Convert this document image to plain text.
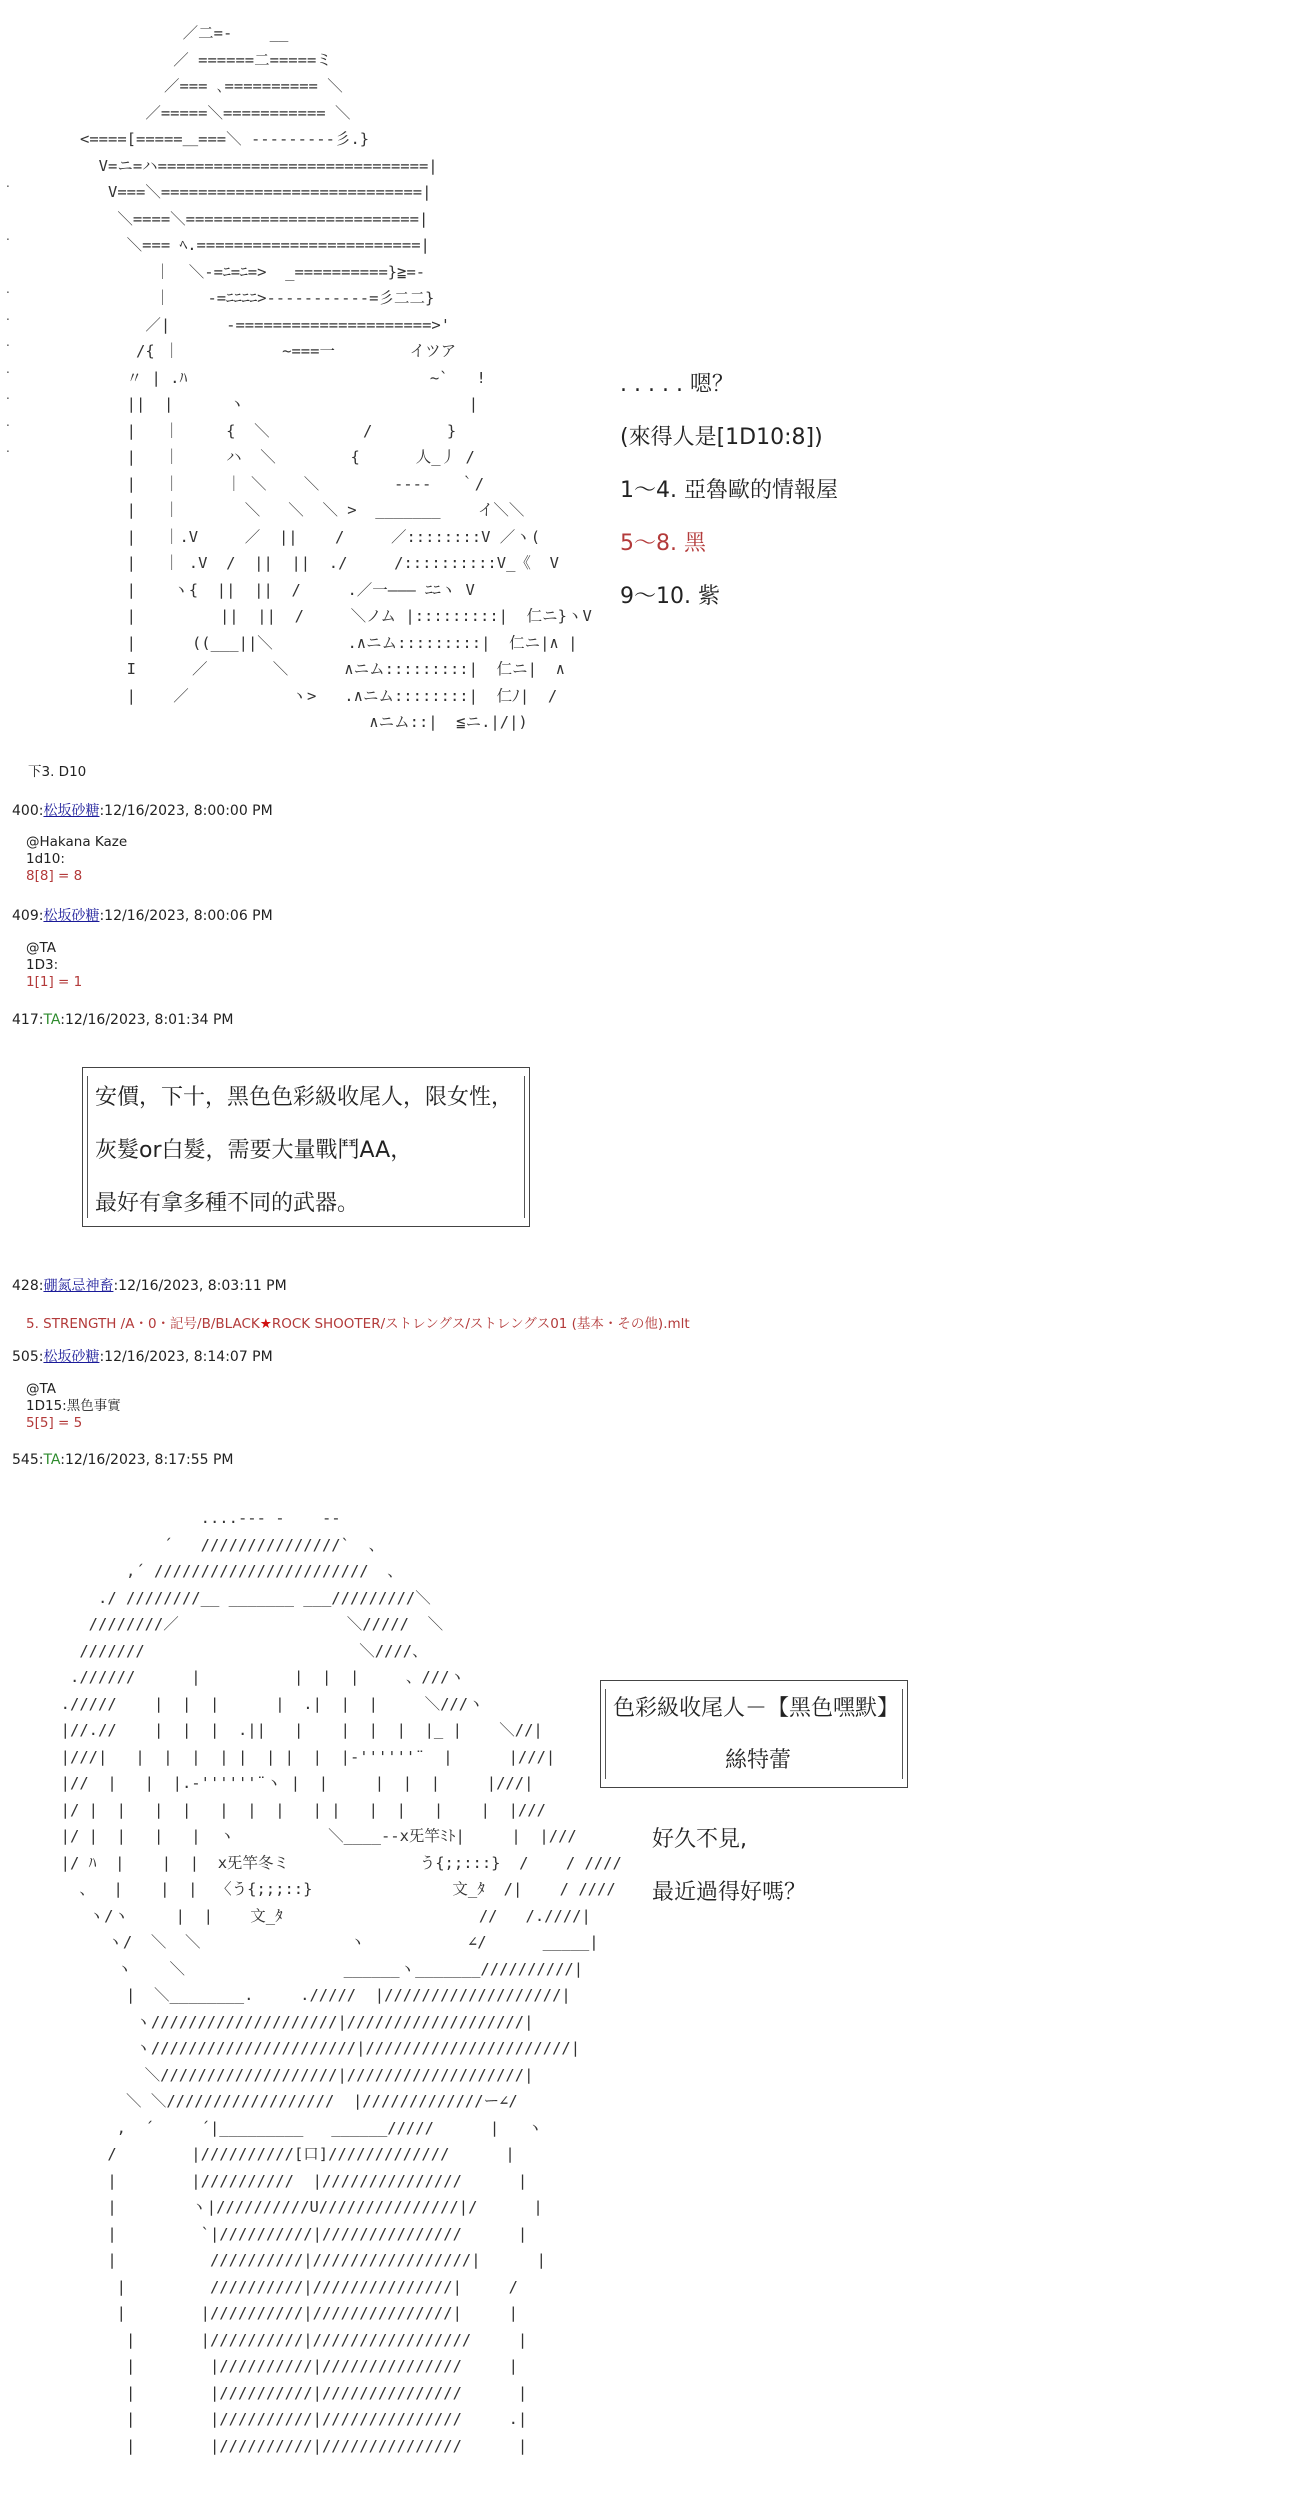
.

.

.
.
.
.
.
.
.
／二=-    __
／ ======二=====ミ
／=== ､========== ＼
／=====＼=========== ＼
<====[=====＿===＼ ---------彡.}
V=ニ=ハ=============================|
V===＼============================|
＼====＼=========================|
＼=== ﾍ.========================|
｜  ＼-=ﾆ=ﾆ=>  _==========}≧=-
｜    -=ﾆﾆﾆﾆ>-----------=彡二二}
／|      -=====================>'
/{ ｜           ~===一        イツア
〃 | .ﾊ                          ~`   !
||  |      ヽ                        |
|   ｜     {  ＼          /        }
|   ｜     ハ  ＼        {      人_丿 /
|   ｜     ｜ ＼    ＼        ----   ｀/
|   ｜       ＼   ＼  ＼ >  _______    イ＼＼
|   ｜.V     ／  ||    /     ／::::::::V ／ヽ(
|   ｜ .V  /  ||  ||  ./     /::::::::::V_《  V
|    ヽ{  ||  ||  /     .／一――― ﾆﾆヽ V
|         ||  ||  /     ＼ノム |:::::::::|  仁ニ}ヽV
|      ((___||＼        .∧ニム:::::::::|  仁ニ|∧ |
I      ／       ＼      ∧ニム:::::::::|  仁ニ|  ∧
|    ／           ヽ>   .∧ニム::::::::|  仁ﾉ|  /
∧ニム::|  ≦ニ.|/|)
. . . . . 嗯？
(來得人是[1D10:8])
1～4. 亞魯歐的情報屋
5～8. 黑
9～10. 紫
下3. D10
400:松坂砂糖:12/16/2023, 8:00:00 PM
@Hakana Kaze
1d10:
8[8] = 8
409:松坂砂糖:12/16/2023, 8:00:06 PM
@TA
1D3:
1[1] = 1
417:TA:12/16/2023, 8:01:34 PM
安價，下十，黑色色彩級收尾人，限女性，
灰髮or白髮，需要大量戰鬥AA，
最好有拿多種不同的武器。
428:硼氮忌神畜:12/16/2023, 8:03:11 PM
5. STRENGTH /A・0・記号/B/BLACK★ROCK SHOOTER/ストレングス/ストレングス01 (基本・その他).mlt
505:松坂砂糖:12/16/2023, 8:14:07 PM
@TA
1D15:黑色事實
5[5] = 5
545:TA:12/16/2023, 8:17:55 PM
....--- -    --
´   ///////////////`  、
,´ ///////////////////////  、
./ ////////__ _______ ___/////////＼
////////／                  ＼/////  ＼
///////                       ＼////、
.//////      |          |  |  |     、///ヽ
./////    |  |  |      |  .|  |  |     ＼///ヽ
|//.//    |  |  |  .||   |    |  |  |  |_ |    ＼//|
|///|   |  |  |  | |  | |  |  |-''''''¨  |      |///|
|//  |   |  |.-''''''¨ヽ |  |     |  |  |     |///|
|/ |  |   |  |   |  |  |   | |   |  |   |    |  |///
|/ |  |   |   |  ヽ          ＼____--x旡竿ﾐﾄ|     |  |///
|/ ﾊ  |    |  |  x旡竿冬ミ              う{;;:::}  /    / ////
、  |    |  |  〈う{;;;::}               文_ﾀ  /|    / ////
ヽ/ヽ     |  |    文_ﾀ                     //   /.////|
ヽ/  ＼  ＼                ヽ           ∠/      _____|
ヽ    ＼                 ______ヽ_______//////////|
|  ＼________.     ./////  |///////////////////|
ヽ////////////////////|///////////////////|
ヽ//////////////////////|//////////////////////|
＼///////////////////|///////////////////|
＼ ＼//////////////////  |/////////////ー∠/
,  ´     ´|_________   ______/////      |   ヽ
/        |//////////[口]/////////////      |
|        |//////////  |///////////////      |
|        ヽ|//////////U///////////////|/      |
|         `|//////////|///////////////      |
|          //////////|/////////////////|      |
|         //////////|///////////////|     /
|        |//////////|///////////////|     |
|       |//////////|/////////////////     |
|        |//////////|///////////////     |
|        |//////////|///////////////      |
|        |//////////|///////////////     .|
|        |//////////|///////////////      |
色彩級收尾人－【黑色嘿默】
絲特蕾
好久不見,
最近過得好嗎？
